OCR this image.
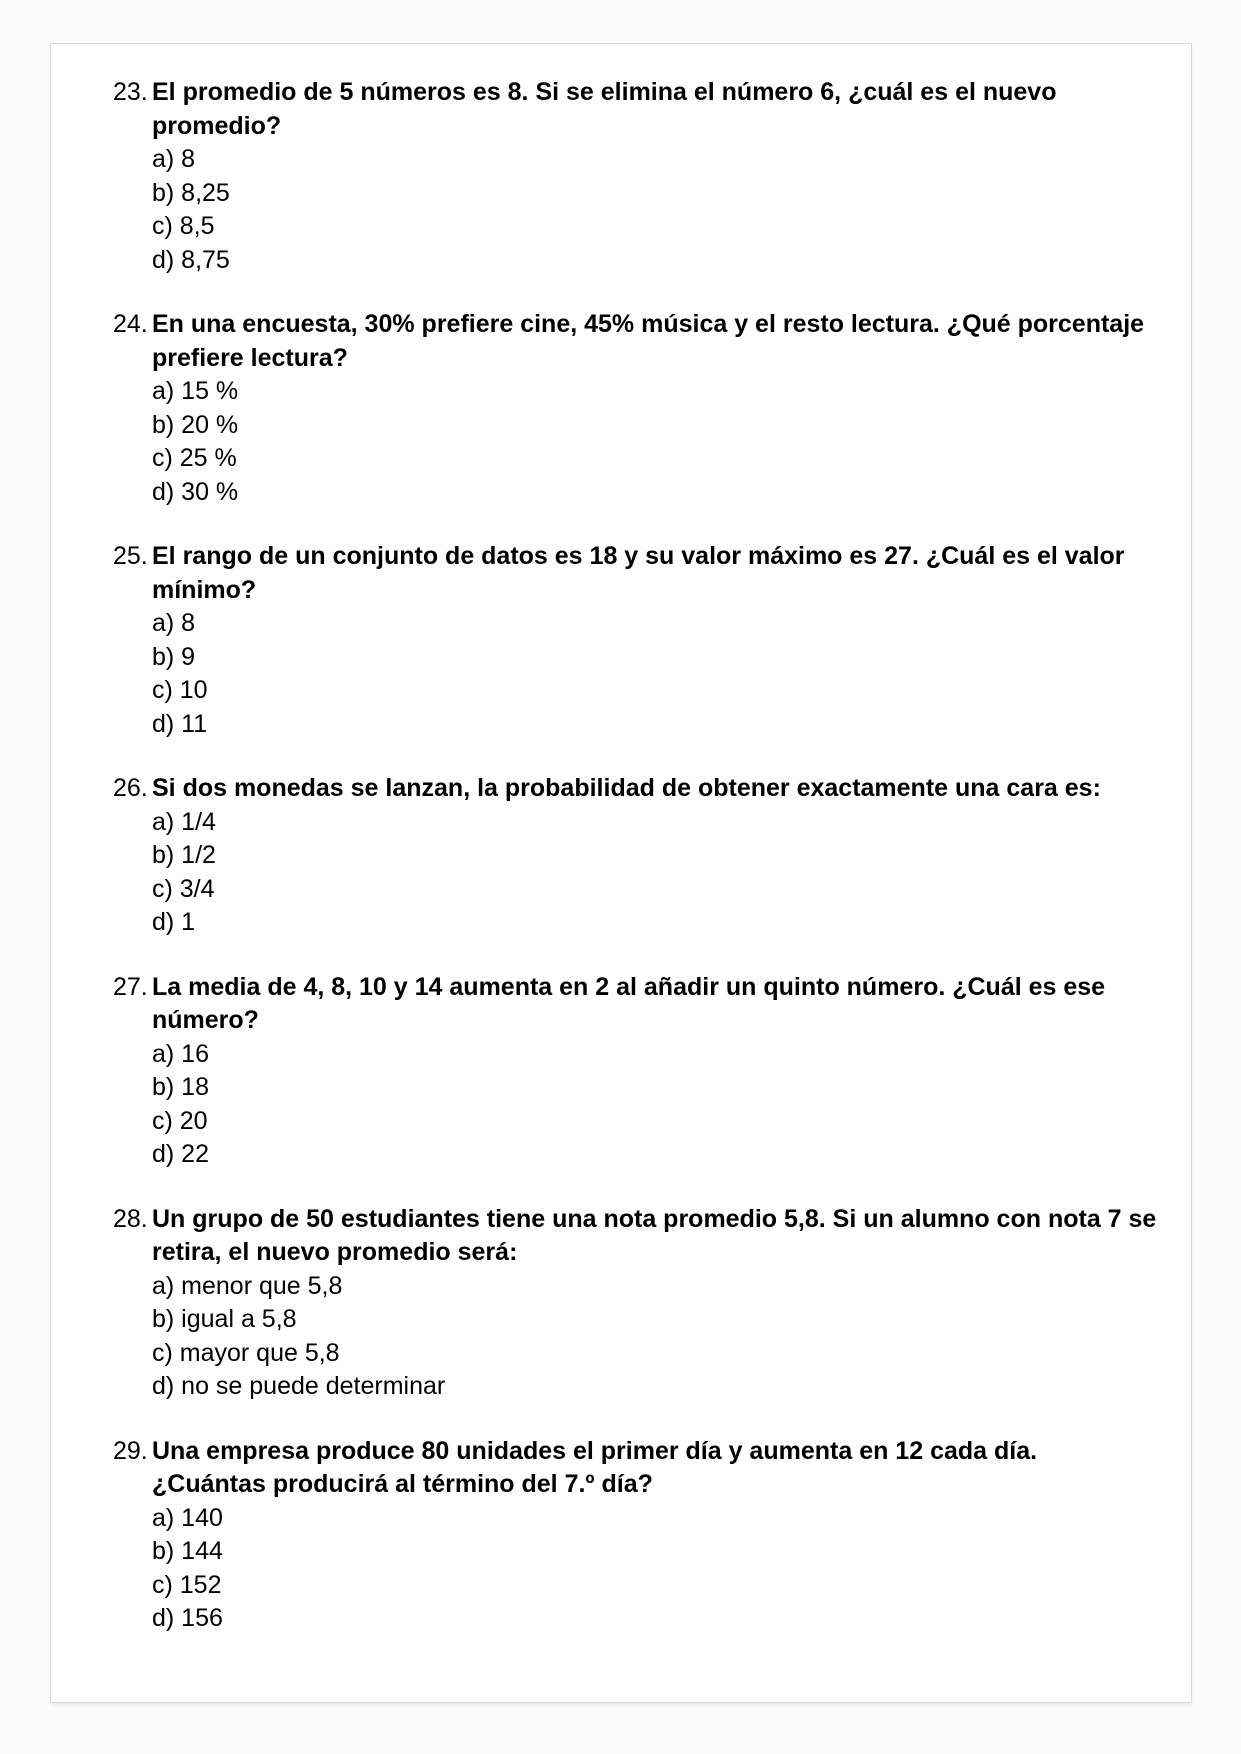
23. El promedio de 5 números es 8. Si se elimina el número 6, ¿cuál es el nuevo promedio?
a) 8
b) 8,25
c) 8,5
d) 8,75
24. En una encuesta, 30% prefiere cine, 45% música y el resto lectura. ¿Qué porcentaje prefiere lectura?
a) 15 %
b) 20 %
c) 25 %
d) 30 %
25. El rango de un conjunto de datos es 18 y su valor máximo es 27. ¿Cuál es el valor mínimo?
a) 8
b) 9
c) 10
d) 11
26. Si dos monedas se lanzan, la probabilidad de obtener exactamente una cara es:
a) 1/4
b) 1/2
c) 3/4
d) 1
27. La media de 4, 8, 10 y 14 aumenta en 2 al añadir un quinto número. ¿Cuál es ese número?
a) 16
b) 18
c) 20
d) 22
28. Un grupo de 50 estudiantes tiene una nota promedio 5,8. Si un alumno con nota 7 se retira, el nuevo promedio será:
a) menor que 5,8
b) igual a 5,8
c) mayor que 5,8
d) no se puede determinar
29. Una empresa produce 80 unidades el primer día y aumenta en 12 cada día. ¿Cuántas producirá al término del 7.º día?
a) 140
b) 144
c) 152
d) 156
